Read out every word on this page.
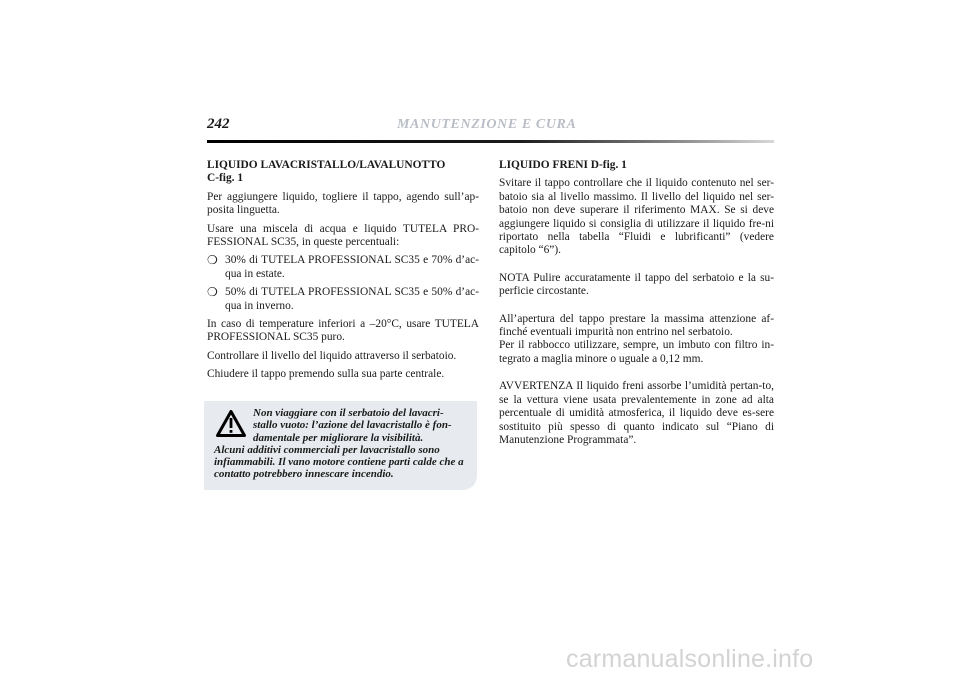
242	MANUTENZIONE E CURA
LIQUIDO LAVACRISTALLO/LAVALUNOTTO
C-fig. 1

Per aggiungere liquido, togliere il tappo, agendo sull’ap-posita linguetta.

Usare una miscela di acqua e liquido TUTELA PRO-FESSIONAL SC35, in queste percentuali:

❍ 30% di TUTELA PROFESSIONAL SC35 e 70% d’ac-qua in estate.
❍ 50% di TUTELA PROFESSIONAL SC35 e 50% d’ac-qua in inverno.

In caso di temperature inferiori a –20°C, usare TUTELA PROFESSIONAL SC35 puro.

Controllare il livello del liquido attraverso il serbatoio.

Chiudere il tappo premendo sulla sua parte centrale.

Non viaggiare con il serbatoio del lavacri-
stallo vuoto: l’azione del lavacristallo è fon-
damentale per migliorare la visibilità.
Alcuni additivi commerciali per lavacristallo sono infiammabili. Il vano motore contiene parti calde che a contatto potrebbero innescare incendio.
LIQUIDO FRENI D-fig. 1

Svitare il tappo controllare che il liquido contenuto nel ser-batoio sia al livello massimo. Il livello del liquido nel ser-batoio non deve superare il riferimento MAX. Se si deve aggiungere liquido si consiglia di utilizzare il liquido fre-ni riportato nella tabella “Fluidi e lubrificanti” (vedere capitolo “6”).

NOTA Pulire accuratamente il tappo del serbatoio e la su-perficie circostante.

All’apertura del tappo prestare la massima attenzione af-finché eventuali impurità non entrino nel serbatoio.

Per il rabbocco utilizzare, sempre, un imbuto con filtro in-tegrato a maglia minore o uguale a 0,12 mm.

AVVERTENZA Il liquido freni assorbe l’umidità pertan-to, se la vettura viene usata prevalentemente in zone ad alta percentuale di umidità atmosferica, il liquido deve es-sere sostituito più spesso di quanto indicato sul “Piano di Manutenzione Programmata”.

carmanualsonline.info
